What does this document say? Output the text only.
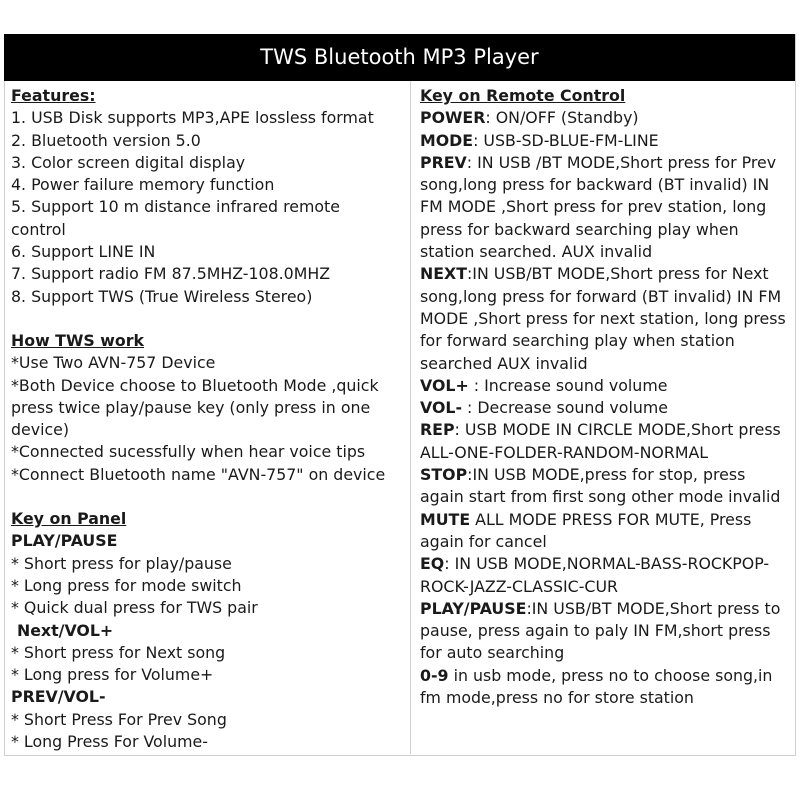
TWS Bluetooth MP3 Player
Features:
1. USB Disk supports MP3,APE lossless format
2. Bluetooth version 5.0
3. Color screen digital display
4. Power failure memory function
5. Support 10 m distance infrared remote control
6. Support LINE IN
7. Support radio FM 87.5MHZ-108.0MHZ
8. Support TWS (True Wireless Stereo)
How TWS work
*Use Two AVN-757 Device
*Both Device choose to Bluetooth Mode ,quick press twice play/pause key (only press in one device)
*Connected sucessfully when hear voice tips
*Connect Bluetooth name "AVN-757" on device
Key on Panel
PLAY/PAUSE
* Short press for play/pause
* Long press for mode switch
* Quick dual press for TWS pair
Next/VOL+
* Short press for Next song
* Long press for Volume+
PREV/VOL-
* Short Press For Prev Song
* Long Press For Volume-
Key on Remote Control
POWER: ON/OFF (Standby)
MODE: USB-SD-BLUE-FM-LINE
PREV: IN USB /BT MODE,Short press for Prev song,long press for backward (BT invalid) IN FM MODE ,Short press for prev station, long press for backward searching play when station searched. AUX invalid
NEXT:IN USB/BT MODE,Short press for Next song,long press for forward (BT invalid) IN FM MODE ,Short press for next station, long press for forward searching play when station searched AUX invalid
VOL+ : Increase sound volume
VOL- : Decrease sound volume
REP: USB MODE IN CIRCLE MODE,Short press ALL-ONE-FOLDER-RANDOM-NORMAL
STOP:IN USB MODE,press for stop, press again start from first song other mode invalid
MUTE ALL MODE PRESS FOR MUTE, Press again for cancel
EQ: IN USB MODE,NORMAL-BASS-ROCKPOP-ROCK-JAZZ-CLASSIC-CUR
PLAY/PAUSE:IN USB/BT MODE,Short press to pause, press again to paly IN FM,short press for auto searching
0-9 in usb mode, press no to choose song,in fm mode,press no for store station
